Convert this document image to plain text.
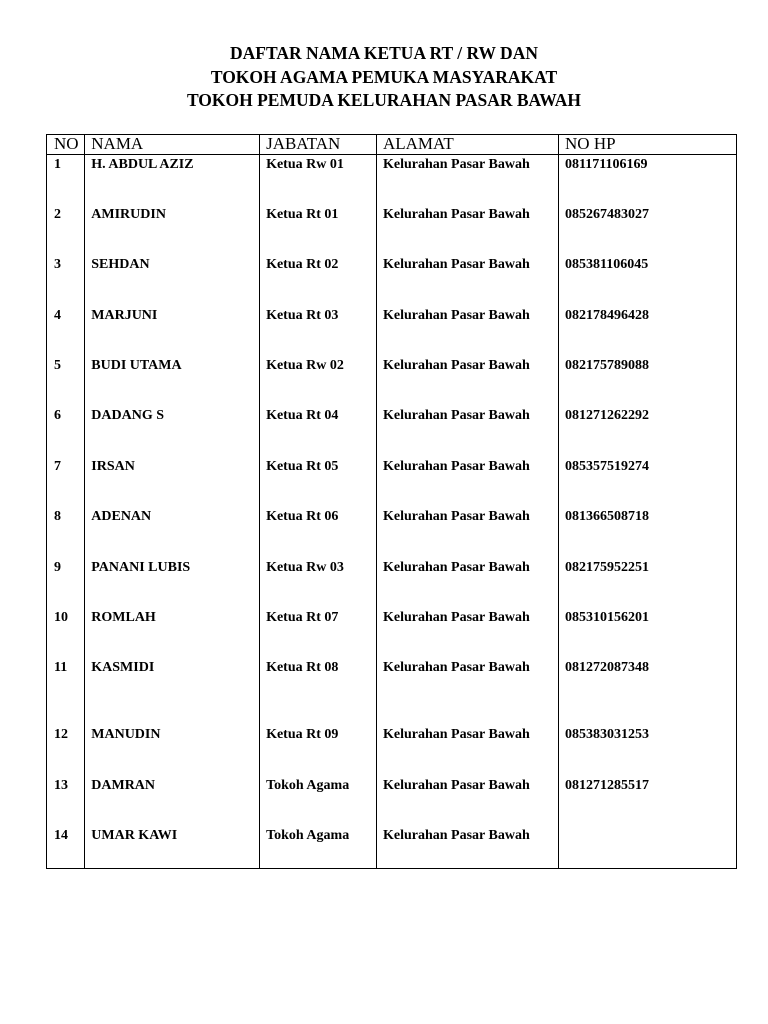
DAFTAR NAMA KETUA RT / RW DAN
TOKOH AGAMA PEMUKA MASYARAKAT
TOKOH PEMUDA KELURAHAN PASAR BAWAH
NO	NAMA	JABATAN	ALAMAT	NO HP
1	H. ABDUL AZIZ	Ketua Rw 01	Kelurahan Pasar Bawah	081171106169
2	AMIRUDIN	Ketua Rt 01	Kelurahan Pasar Bawah	085267483027
3	SEHDAN	Ketua Rt 02	Kelurahan Pasar Bawah	085381106045
4	MARJUNI	Ketua Rt 03	Kelurahan Pasar Bawah	082178496428
5	BUDI UTAMA	Ketua Rw 02	Kelurahan Pasar Bawah	082175789088
6	DADANG S	Ketua Rt 04	Kelurahan Pasar Bawah	081271262292
7	IRSAN	Ketua Rt 05	Kelurahan Pasar Bawah	085357519274
8	ADENAN	Ketua Rt 06	Kelurahan Pasar Bawah	081366508718
9	PANANI LUBIS	Ketua Rw 03	Kelurahan Pasar Bawah	082175952251
10	ROMLAH	Ketua Rt 07	Kelurahan Pasar Bawah	085310156201
11	KASMIDI	Ketua Rt 08	Kelurahan Pasar Bawah	081272087348
12	MANUDIN	Ketua Rt 09	Kelurahan Pasar Bawah	085383031253
13	DAMRAN	Tokoh Agama	Kelurahan Pasar Bawah	081271285517
14	UMAR KAWI	Tokoh Agama	Kelurahan Pasar Bawah	
